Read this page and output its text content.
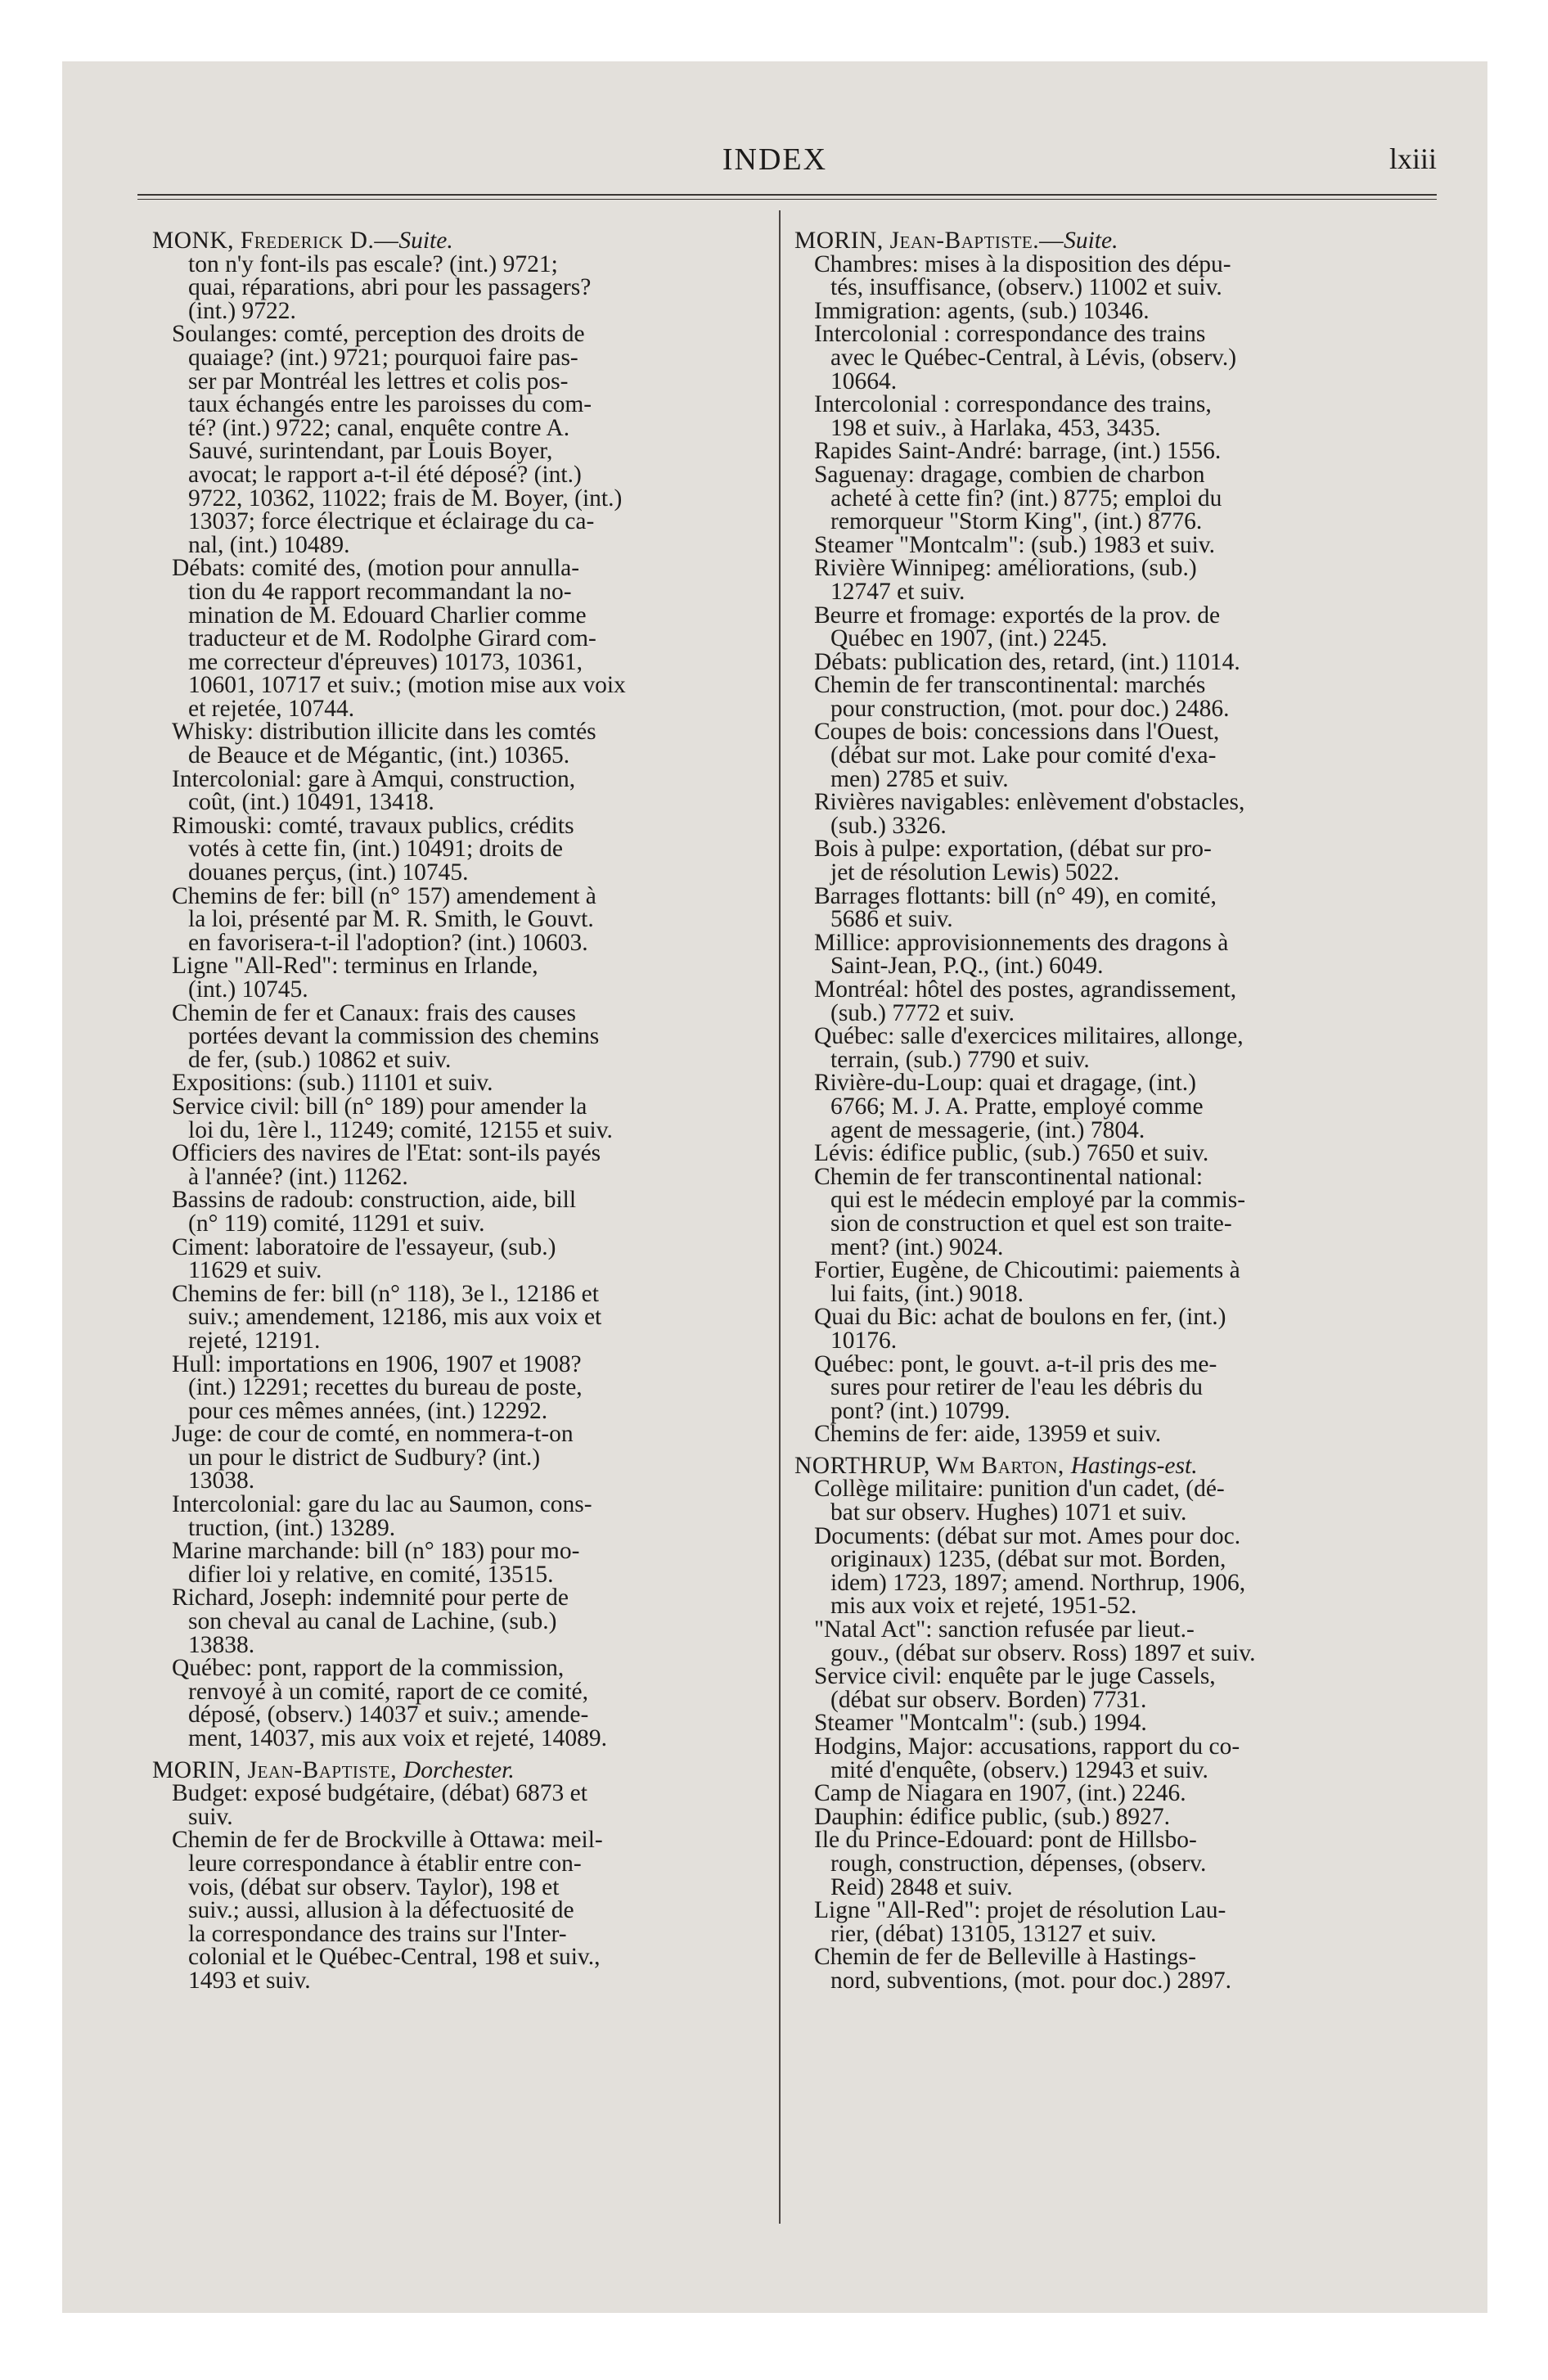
INDEX	lxiii
MONK, Frederick D.—Suite.
ton n'y font-ils pas escale? (int.) 9721;
quai, réparations, abri pour les passagers?
(int.) 9722.
Soulanges: comté, perception des droits de
quaiage? (int.) 9721; pourquoi faire pas-
ser par Montréal les lettres et colis pos-
taux échangés entre les paroisses du com-
té? (int.) 9722; canal, enquête contre A.
Sauvé, surintendant, par Louis Boyer,
avocat; le rapport a-t-il été déposé? (int.)
9722, 10362, 11022; frais de M. Boyer, (int.)
13037; force électrique et éclairage du ca-
nal, (int.) 10489.
Débats: comité des, (motion pour annulla-
tion du 4e rapport recommandant la no-
mination de M. Edouard Charlier comme
traducteur et de M. Rodolphe Girard com-
me correcteur d'épreuves) 10173, 10361,
10601, 10717 et suiv.; (motion mise aux voix
et rejetée, 10744.
Whisky: distribution illicite dans les comtés
de Beauce et de Mégantic, (int.) 10365.
Intercolonial: gare à Amqui, construction,
coût, (int.) 10491, 13418.
Rimouski: comté, travaux publics, crédits
votés à cette fin, (int.) 10491; droits de
douanes perçus, (int.) 10745.
Chemins de fer: bill (n° 157) amendement à
la loi, présenté par M. R. Smith, le Gouvt.
en favorisera-t-il l'adoption? (int.) 10603.
Ligne "All-Red": terminus en Irlande,
(int.) 10745.
Chemin de fer et Canaux: frais des causes
portées devant la commission des chemins
de fer, (sub.) 10862 et suiv.
Expositions: (sub.) 11101 et suiv.
Service civil: bill (n° 189) pour amender la
loi du, 1ère l., 11249; comité, 12155 et suiv.
Officiers des navires de l'Etat: sont-ils payés
à l'année? (int.) 11262.
Bassins de radoub: construction, aide, bill
(n° 119) comité, 11291 et suiv.
Ciment: laboratoire de l'essayeur, (sub.)
11629 et suiv.
Chemins de fer: bill (n° 118), 3e l., 12186 et
suiv.; amendement, 12186, mis aux voix et
rejeté, 12191.
Hull: importations en 1906, 1907 et 1908?
(int.) 12291; recettes du bureau de poste,
pour ces mêmes années, (int.) 12292.
Juge: de cour de comté, en nommera-t-on
un pour le district de Sudbury? (int.)
13038.
Intercolonial: gare du lac au Saumon, cons-
truction, (int.) 13289.
Marine marchande: bill (n° 183) pour mo-
difier loi y relative, en comité, 13515.
Richard, Joseph: indemnité pour perte de
son cheval au canal de Lachine, (sub.)
13838.
Québec: pont, rapport de la commission,
renvoyé à un comité, raport de ce comité,
déposé, (observ.) 14037 et suiv.; amende-
ment, 14037, mis aux voix et rejeté, 14089.
MORIN, Jean-Baptiste, Dorchester.
Budget: exposé budgétaire, (débat) 6873 et
suiv.
Chemin de fer de Brockville à Ottawa: meil-
leure correspondance à établir entre con-
vois, (débat sur observ. Taylor), 198 et
suiv.; aussi, allusion à la défectuosité de
la correspondance des trains sur l'Inter-
colonial et le Québec-Central, 198 et suiv.,
1493 et suiv.
MORIN, Jean-Baptiste.—Suite.
Chambres: mises à la disposition des dépu-
tés, insuffisance, (observ.) 11002 et suiv.
Immigration: agents, (sub.) 10346.
Intercolonial : correspondance des trains
avec le Québec-Central, à Lévis, (observ.)
10664.
Intercolonial : correspondance des trains,
198 et suiv., à Harlaka, 453, 3435.
Rapides Saint-André: barrage, (int.) 1556.
Saguenay: dragage, combien de charbon
acheté à cette fin? (int.) 8775; emploi du
remorqueur "Storm King", (int.) 8776.
Steamer "Montcalm": (sub.) 1983 et suiv.
Rivière Winnipeg: améliorations, (sub.)
12747 et suiv.
Beurre et fromage: exportés de la prov. de
Québec en 1907, (int.) 2245.
Débats: publication des, retard, (int.) 11014.
Chemin de fer transcontinental: marchés
pour construction, (mot. pour doc.) 2486.
Coupes de bois: concessions dans l'Ouest,
(débat sur mot. Lake pour comité d'exa-
men) 2785 et suiv.
Rivières navigables: enlèvement d'obstacles,
(sub.) 3326.
Bois à pulpe: exportation, (débat sur pro-
jet de résolution Lewis) 5022.
Barrages flottants: bill (n° 49), en comité,
5686 et suiv.
Millice: approvisionnements des dragons à
Saint-Jean, P.Q., (int.) 6049.
Montréal: hôtel des postes, agrandissement,
(sub.) 7772 et suiv.
Québec: salle d'exercices militaires, allonge,
terrain, (sub.) 7790 et suiv.
Rivière-du-Loup: quai et dragage, (int.)
6766; M. J. A. Pratte, employé comme
agent de messagerie, (int.) 7804.
Lévis: édifice public, (sub.) 7650 et suiv.
Chemin de fer transcontinental national:
qui est le médecin employé par la commis-
sion de construction et quel est son traite-
ment? (int.) 9024.
Fortier, Eugène, de Chicoutimi: paiements à
lui faits, (int.) 9018.
Quai du Bic: achat de boulons en fer, (int.)
10176.
Québec: pont, le gouvt. a-t-il pris des me-
sures pour retirer de l'eau les débris du
pont? (int.) 10799.
Chemins de fer: aide, 13959 et suiv.
NORTHRUP, Wm Barton, Hastings-est.
Collège militaire: punition d'un cadet, (dé-
bat sur observ. Hughes) 1071 et suiv.
Documents: (débat sur mot. Ames pour doc.
originaux) 1235, (débat sur mot. Borden,
idem) 1723, 1897; amend. Northrup, 1906,
mis aux voix et rejeté, 1951-52.
"Natal Act": sanction refusée par lieut.-
gouv., (débat sur observ. Ross) 1897 et suiv.
Service civil: enquête par le juge Cassels,
(débat sur observ. Borden) 7731.
Steamer "Montcalm": (sub.) 1994.
Hodgins, Major: accusations, rapport du co-
mité d'enquête, (observ.) 12943 et suiv.
Camp de Niagara en 1907, (int.) 2246.
Dauphin: édifice public, (sub.) 8927.
Ile du Prince-Edouard: pont de Hillsbo-
rough, construction, dépenses, (observ.
Reid) 2848 et suiv.
Ligne "All-Red": projet de résolution Lau-
rier, (débat) 13105, 13127 et suiv.
Chemin de fer de Belleville à Hastings-
nord, subventions, (mot. pour doc.) 2897.
